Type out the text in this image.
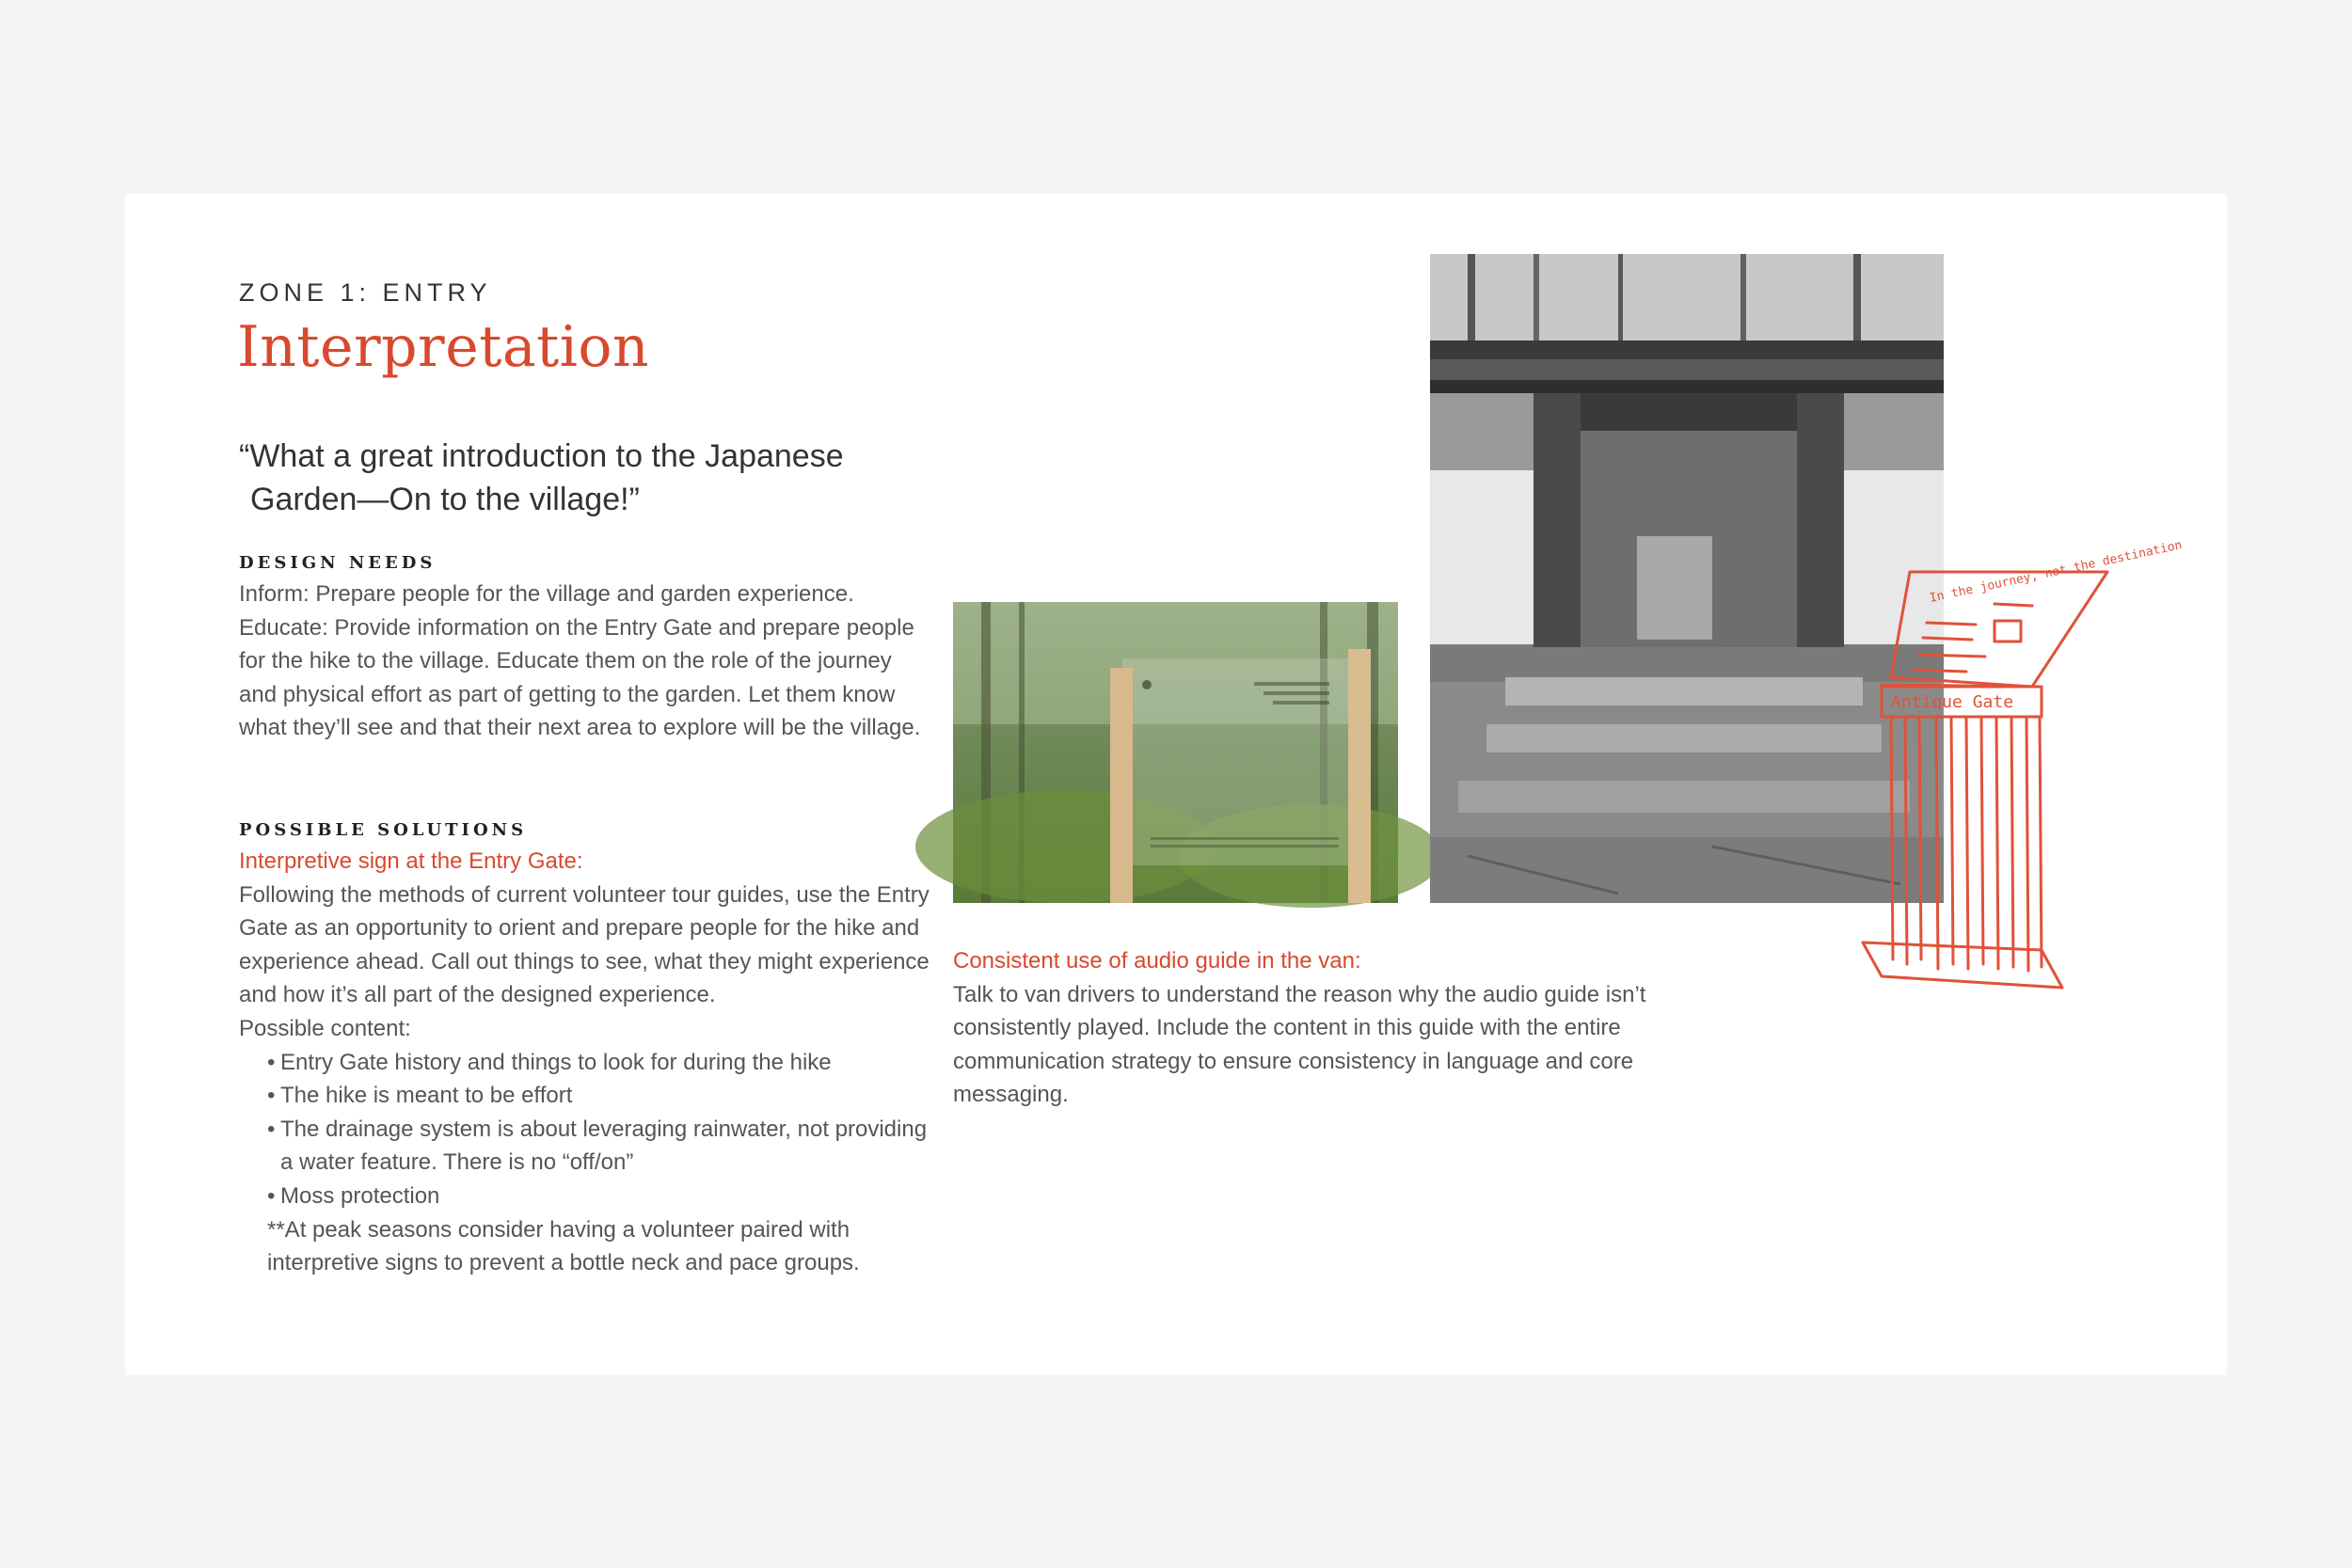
ZONE 1: ENTRY
Interpretation
“What a great introduction to the Japanese
Garden—On to the village!”
DESIGN NEEDS
Inform: Prepare people for the village and garden experience. Educate: Provide information on the Entry Gate and prepare people for the hike to the village. Educate them on the role of the journey and physical effort as part of getting to the garden. Let them know what they’ll see and that their next area to explore will be the village.
POSSIBLE SOLUTIONS
Interpretive sign at the Entry Gate:
Following the methods of current volunteer tour guides, use the Entry Gate as an opportunity to orient and prepare people for the hike and experience ahead. Call out things to see, what they might experience and how it’s all part of the designed experience.
Possible content:
• Entry Gate history and things to look for during the hike
• The hike is meant to be effort
• The drainage system is about leveraging rainwater, not providing a water feature. There is no “off/on”
• Moss protection
**At peak seasons consider having a volunteer paired with interpretive signs to prevent a bottle neck and pace groups.
In the journey, not the destination
Antique Gate
Consistent use of audio guide in the van:
Talk to van drivers to understand the reason why the audio guide isn’t consistently played. Include the content in this guide with the entire communication strategy to ensure consistency in language and core messaging.
